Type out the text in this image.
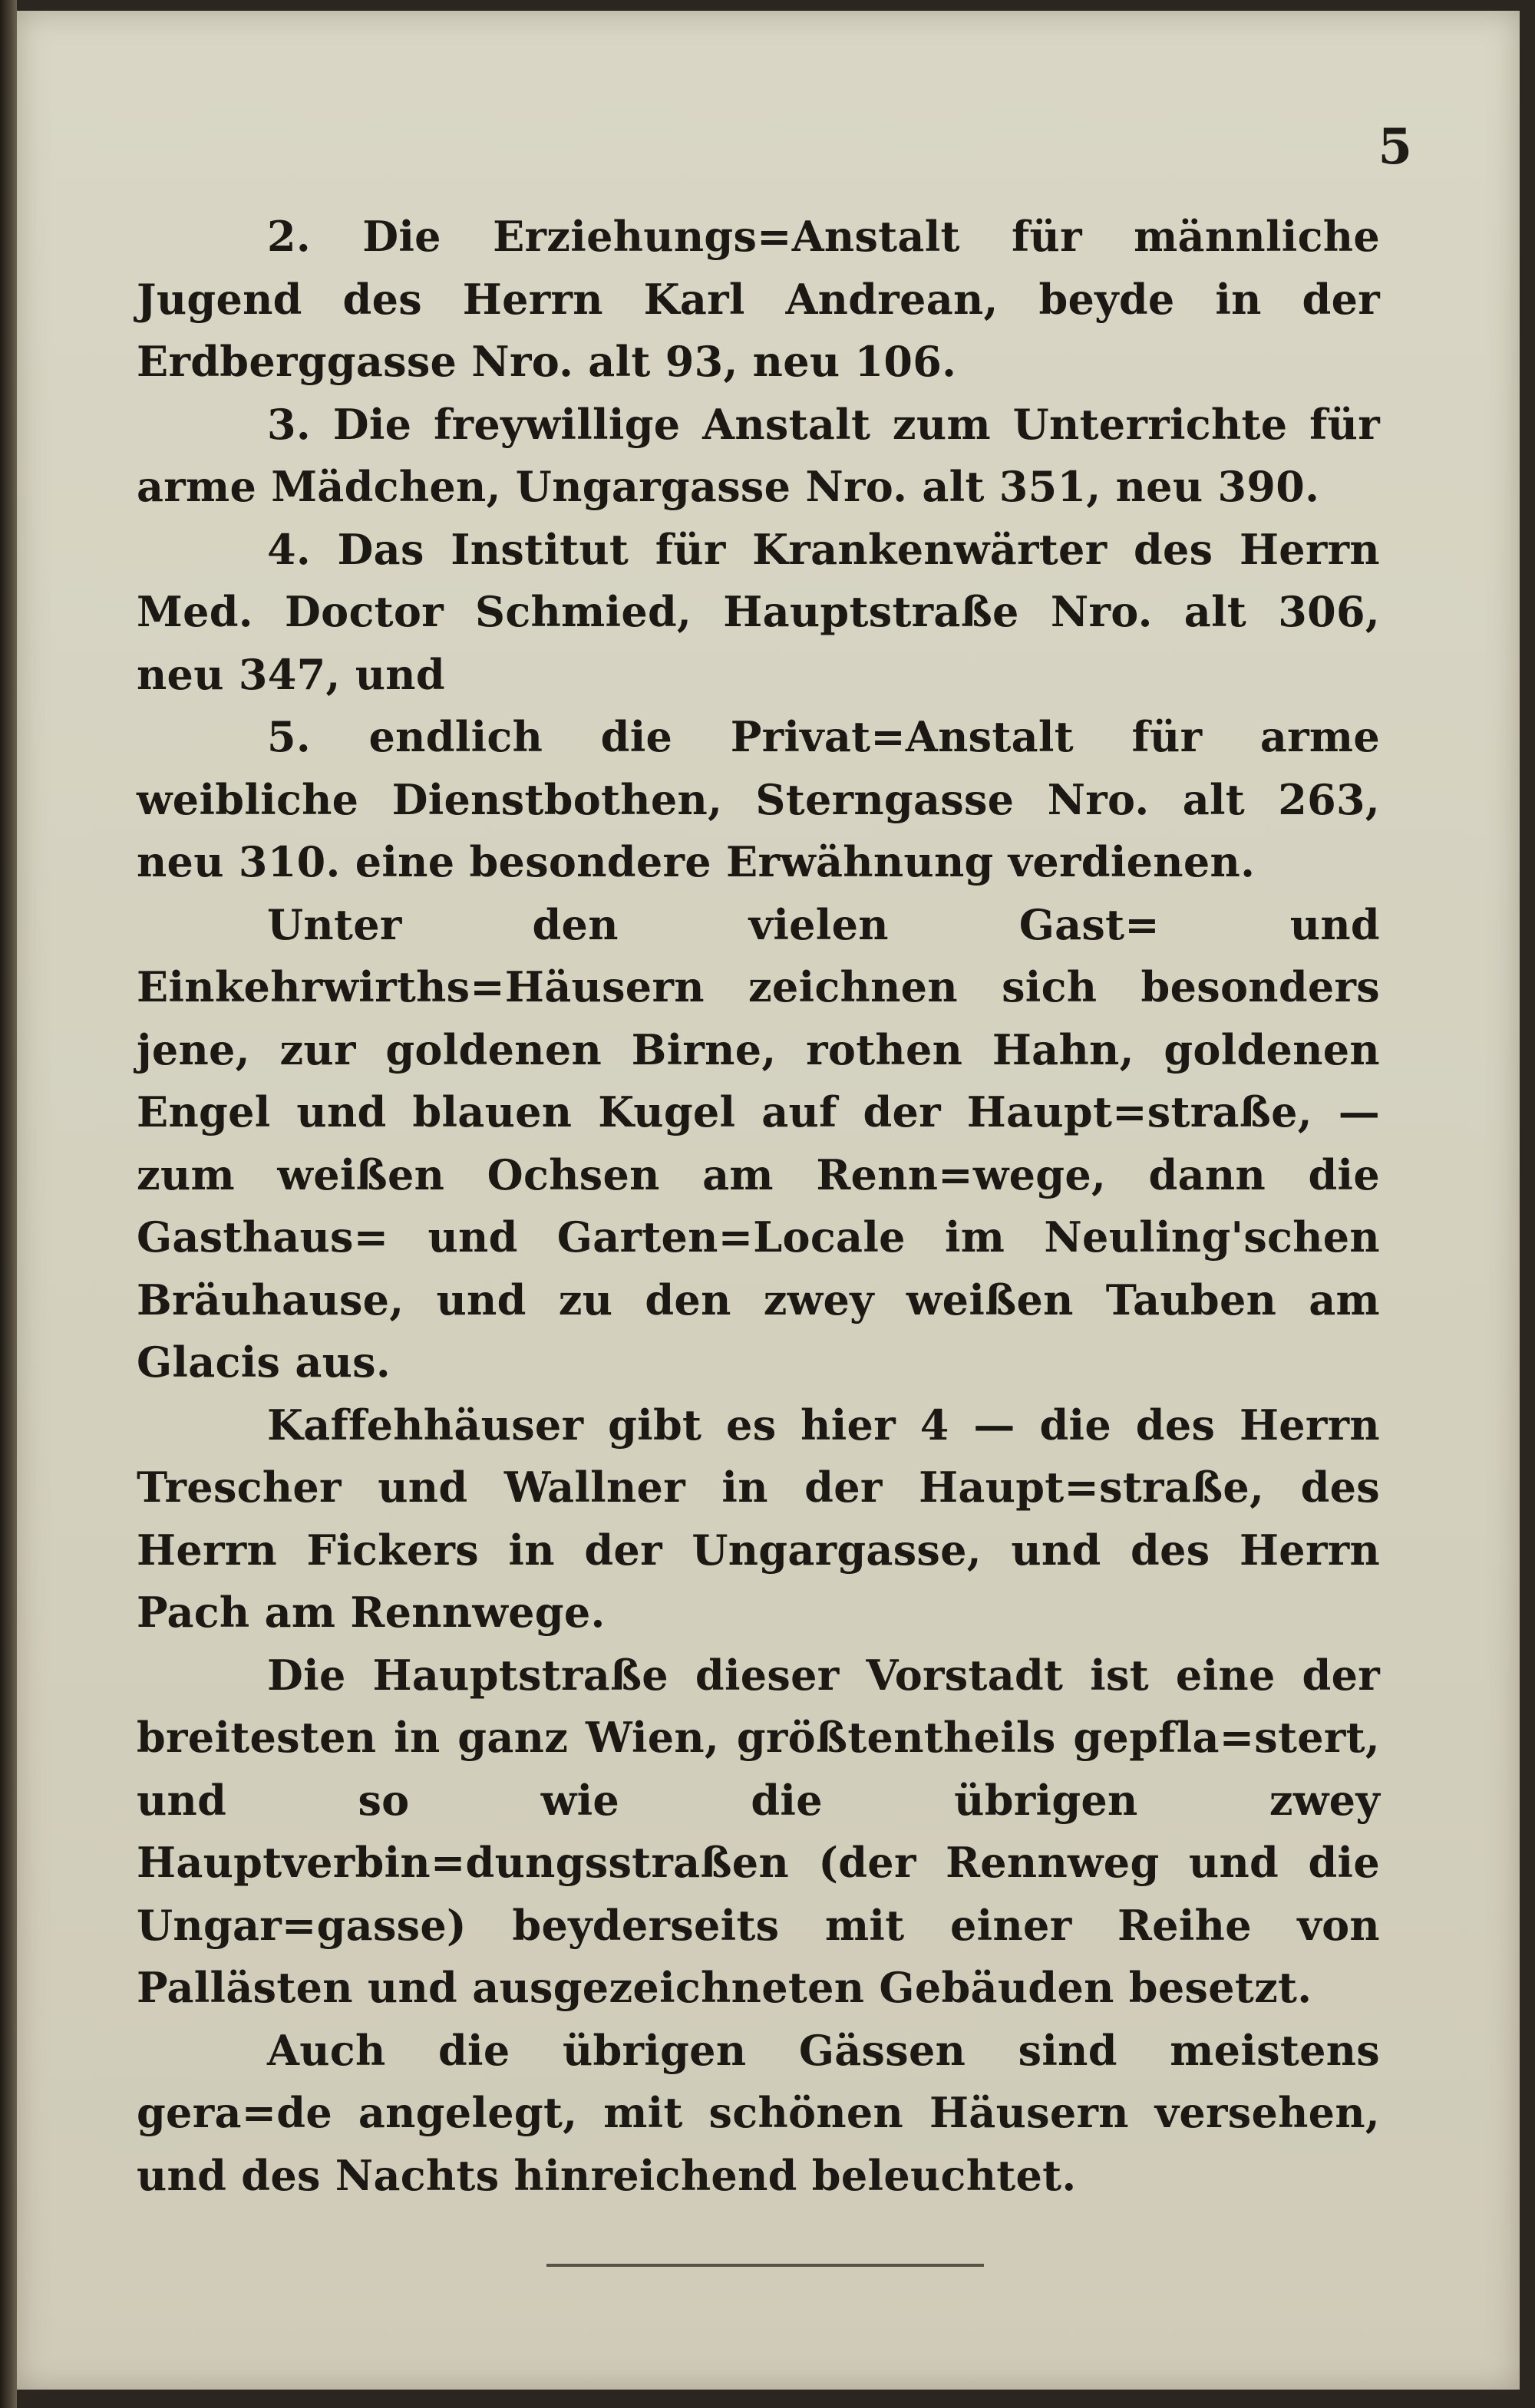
5

2. Die Erziehungs=Anstalt für männliche Jugend des Herrn Karl Andrean, beyde in der Erdberggasse Nro. alt 93, neu 106.

3. Die freywillige Anstalt zum Unterrichte für arme Mädchen, Ungargasse Nro. alt 351, neu 390.

4. Das Institut für Krankenwärter des Herrn Med. Doctor Schmied, Hauptstraße Nro. alt 306, neu 347, und

5. endlich die Privat=Anstalt für arme weibliche Dienstbothen, Sterngasse Nro. alt 263, neu 310. eine besondere Erwähnung verdienen.

Unter den vielen Gast= und Einkehrwirths=Häusern zeichnen sich besonders jene, zur goldenen Birne, rothen Hahn, goldenen Engel und blauen Kugel auf der Haupt=straße, — zum weißen Ochsen am Renn=wege, dann die Gasthaus= und Garten=Locale im Neuling'schen Bräuhause, und zu den zwey weißen Tauben am Glacis aus.

Kaffehhäuser gibt es hier 4 — die des Herrn Trescher und Wallner in der Haupt=straße, des Herrn Fickers in der Ungargasse, und des Herrn Pach am Rennwege.

Die Hauptstraße dieser Vorstadt ist eine der breitesten in ganz Wien, größtentheils gepfla=stert, und so wie die übrigen zwey Hauptverbin=dungsstraßen (der Rennweg und die Ungar=gasse) beyderseits mit einer Reihe von Pallästen und ausgezeichneten Gebäuden besetzt.

Auch die übrigen Gässen sind meistens gera=de angelegt, mit schönen Häusern versehen, und des Nachts hinreichend beleuchtet.
